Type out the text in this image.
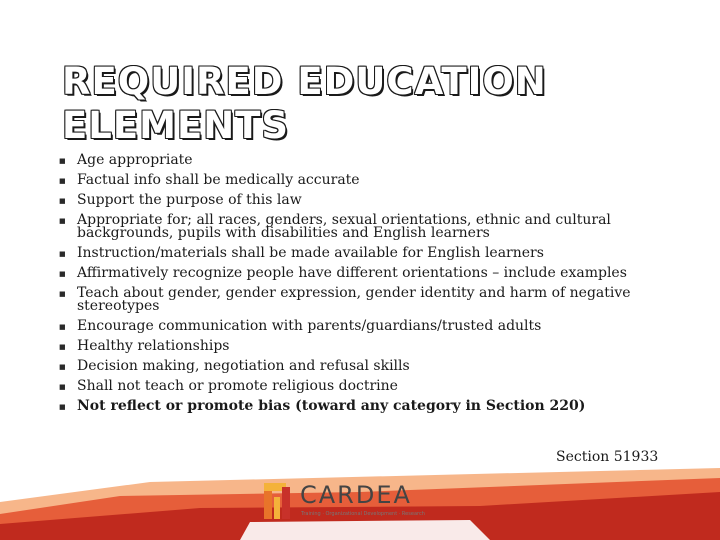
REQUIRED EDUCATION ELEMENTS
■ Age appropriate
■ Factual info shall be medically accurate
■ Support the purpose of this law
■ Appropriate for; all races, genders, sexual orientations, ethnic and cultural backgrounds, pupils with disabilities and English learners
■ Instruction/materials shall be made available for English learners
■ Affirmatively recognize people have different orientations – include examples
■ Teach about gender, gender expression, gender identity and harm of negative stereotypes
■ Encourage communication with parents/guardians/trusted adults
■ Healthy relationships
■ Decision making, negotiation and refusal skills
■ Shall not teach or promote religious doctrine
■ Not reflect or promote bias (toward any category in Section 220)
Section 51933
CARDEA
Training · Organizational Development · Research
